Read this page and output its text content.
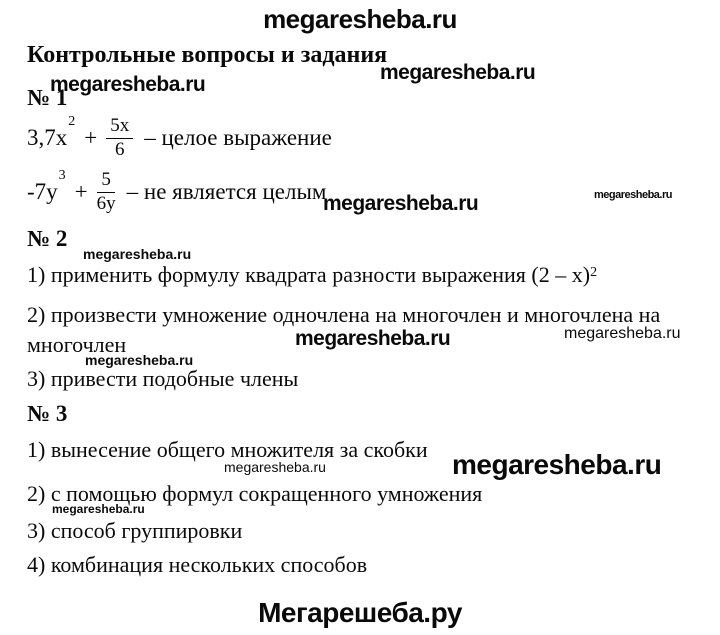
megaresheba.ru
Контрольные вопросы и задания
megaresheba.ru
megaresheba.ru
№ 1
3,7x
2
+ $\frac{5x}{6}$ – целое выражение
-7y
3
+ $\frac{5}{6y}$ – не является целым
megaresheba.ru	megaresheba.ru
№ 2
megaresheba.ru
1) применить формулу квадрата разности выражения (2 – x)$^2$
2) произвести умножение одночлена на многочлен и многочлена на многочлен	megaresheba.ru	megaresheba.ru
megaresheba.ru
3) привести подобные члены
№ 3
1) вынесение общего множителя за скобки
megaresheba.ru	megaresheba.ru
2) с помощью формул сокращенного умножения
megaresheba.ru
3) способ группировки
4) комбинация нескольких способов
Мегарешеба.ру
